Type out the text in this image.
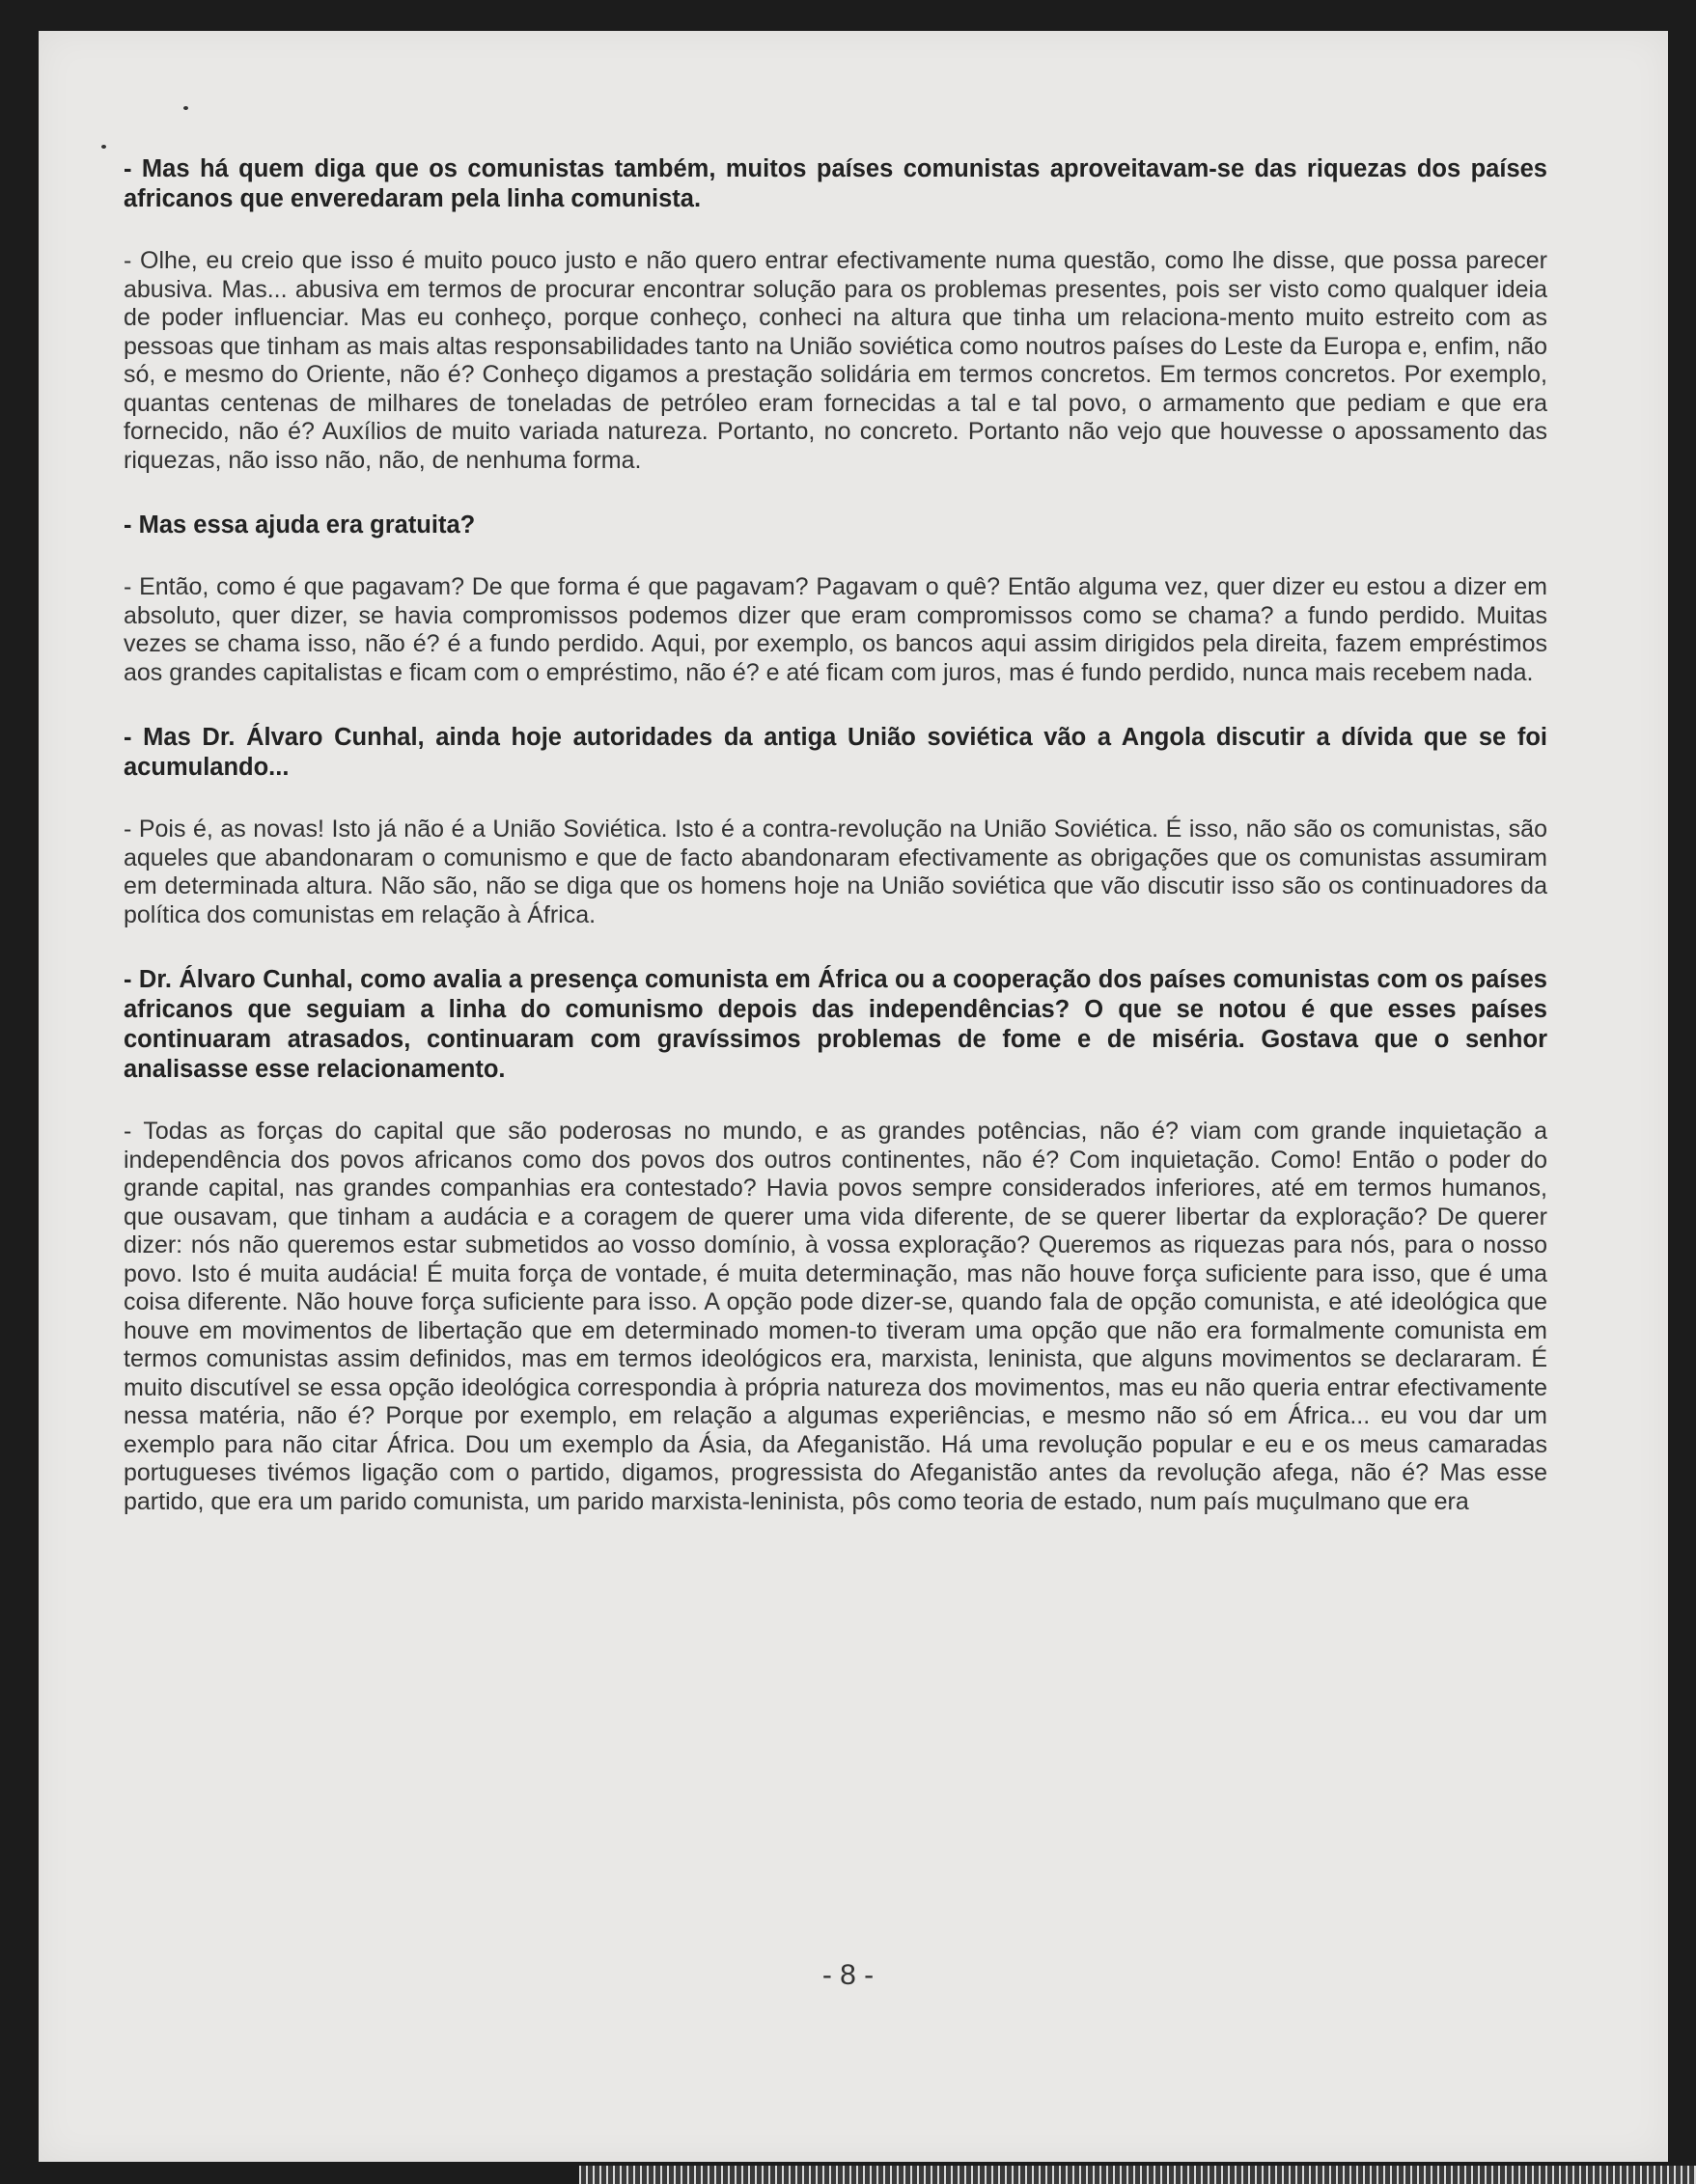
- Mas há quem diga que os comunistas também, muitos países comunistas aproveitavam-se das riquezas dos países africanos que enveredaram pela linha comunista.

- Olhe, eu creio que isso é muito pouco justo e não quero entrar efectivamente numa questão, como lhe disse, que possa parecer abusiva. Mas... abusiva em termos de procurar encontrar solução para os problemas presentes, pois ser visto como qualquer ideia de poder influenciar. Mas eu conheço, porque conheço, conheci na altura que tinha um relaciona-mento muito estreito com as pessoas que tinham as mais altas responsabilidades tanto na União soviética como noutros países do Leste da Europa e, enfim, não só, e mesmo do Oriente, não é? Conheço digamos a prestação solidária em termos concretos. Em termos concretos. Por exemplo, quantas centenas de milhares de toneladas de petróleo eram fornecidas a tal e tal povo, o armamento que pediam e que era fornecido, não é? Auxílios de muito variada natureza. Portanto, no concreto. Portanto não vejo que houvesse o apossamento das riquezas, não isso não, não, de nenhuma forma.

- Mas essa ajuda era gratuita?

- Então, como é que pagavam? De que forma é que pagavam? Pagavam o quê? Então alguma vez, quer dizer eu estou a dizer em absoluto, quer dizer, se havia compromissos podemos dizer que eram compromissos como se chama? a fundo perdido. Muitas vezes se chama isso, não é? é a fundo perdido. Aqui, por exemplo, os bancos aqui assim dirigidos pela direita, fazem empréstimos aos grandes capitalistas e ficam com o empréstimo, não é? e até ficam com juros, mas é fundo perdido, nunca mais recebem nada.

- Mas Dr. Álvaro Cunhal, ainda hoje autoridades da antiga União soviética vão a Angola discutir a dívida que se foi acumulando...

- Pois é, as novas! Isto já não é a União Soviética. Isto é a contra-revolução na União Soviética. É isso, não são os comunistas, são aqueles que abandonaram o comunismo e que de facto abandonaram efectivamente as obrigações que os comunistas assumiram em determinada altura. Não são, não se diga que os homens hoje na União soviética que vão discutir isso são os continuadores da política dos comunistas em relação à África.

- Dr. Álvaro Cunhal, como avalia a presença comunista em África ou a cooperação dos países comunistas com os países africanos que seguiam a linha do comunismo depois das independências? O que se notou é que esses países continuaram atrasados, continuaram com gravíssimos problemas de fome e de miséria. Gostava que o senhor analisasse esse relacionamento.

- Todas as forças do capital que são poderosas no mundo, e as grandes potências, não é? viam com grande inquietação a independência dos povos africanos como dos povos dos outros continentes, não é? Com inquietação. Como! Então o poder do grande capital, nas grandes companhias era contestado? Havia povos sempre considerados inferiores, até em termos humanos, que ousavam, que tinham a audácia e a coragem de querer uma vida diferente, de se querer libertar da exploração? De querer dizer: nós não queremos estar submetidos ao vosso domínio, à vossa exploração? Queremos as riquezas para nós, para o nosso povo. Isto é muita audácia! É muita força de vontade, é muita determinação, mas não houve força suficiente para isso, que é uma coisa diferente. Não houve força suficiente para isso. A opção pode dizer-se, quando fala de opção comunista, e até ideológica que houve em movimentos de libertação que em determinado momen-to tiveram uma opção que não era formalmente comunista em termos comunistas assim definidos, mas em termos ideológicos era, marxista, leninista, que alguns movimentos se declararam. É muito discutível se essa opção ideológica correspondia à própria natureza dos movimentos, mas eu não queria entrar efectivamente nessa matéria, não é? Porque por exemplo, em relação a algumas experiências, e mesmo não só em África... eu vou dar um exemplo para não citar África. Dou um exemplo da Ásia, da Afeganistão. Há uma revolução popular e eu e os meus camaradas portugueses tivémos ligação com o partido, digamos, progressista do Afeganistão antes da revolução afega, não é? Mas esse partido, que era um parido comunista, um parido marxista-leninista, pôs como teoria de estado, num país muçulmano que era

- 8 -
